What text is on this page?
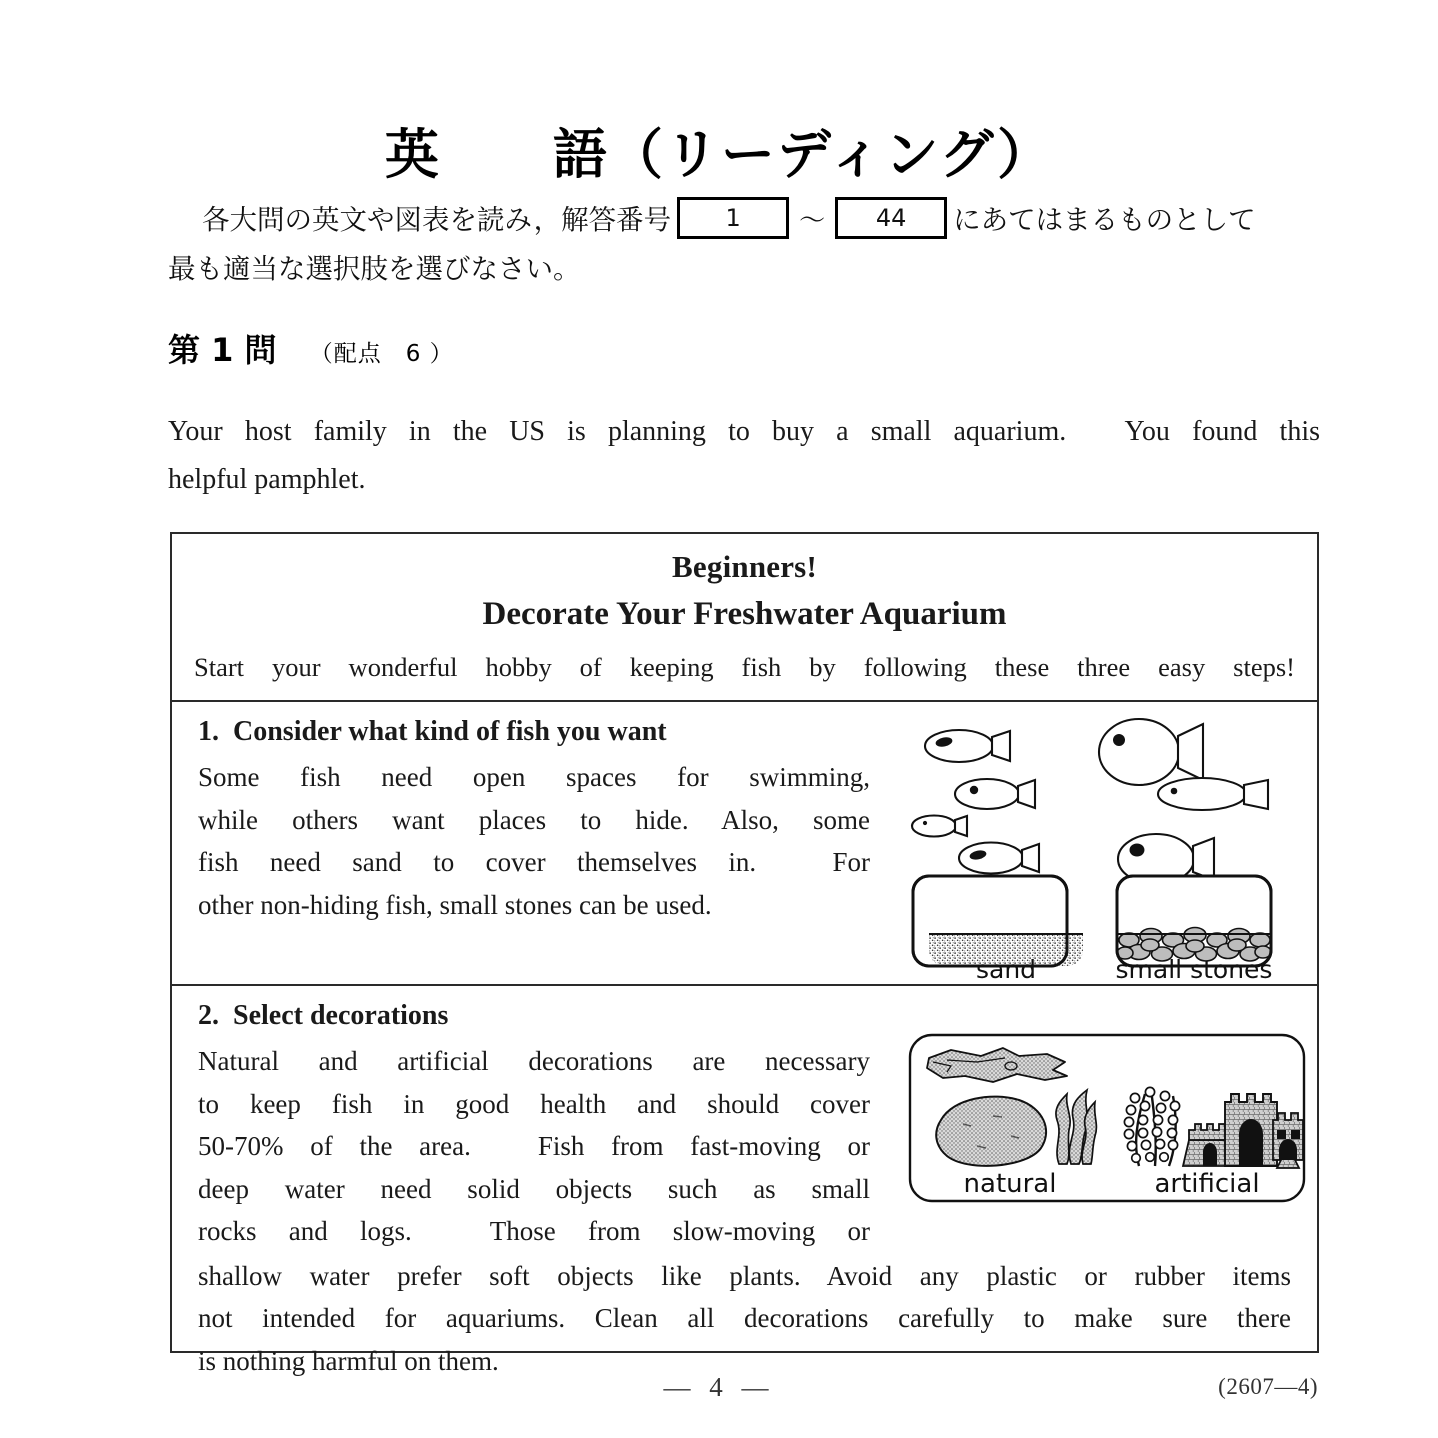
英　　語（リーディング）
各大問の英文や図表を読み，解答番号 1 ～ 44 にあてはまるものとして
最も適当な選択肢を選びなさい。
第 1 問 （配点　6 ）
Your host family in the US is planning to buy a small aquarium.　You found this
helpful pamphlet.
Beginners!
Decorate Your Freshwater Aquarium
Start your wonderful hobby of keeping fish by following these three easy steps!
1. Consider what kind of fish you want
Some fish need open spaces for swimming,
while others want places to hide. Also, some
fish need sand to cover themselves in.　For
other non-hiding fish, small stones can be used.
sand	small stones
2. Select decorations
Natural and artificial decorations are necessary
to keep fish in good health and should cover
50-70% of the area.　Fish from fast-moving or
deep water need solid objects such as small
rocks and logs.　Those from slow-moving or
shallow water prefer soft objects like plants. Avoid any plastic or rubber items
not intended for aquariums. Clean all decorations carefully to make sure there
is nothing harmful on them.
natural	artificial
— 4 —	(2607—4)
